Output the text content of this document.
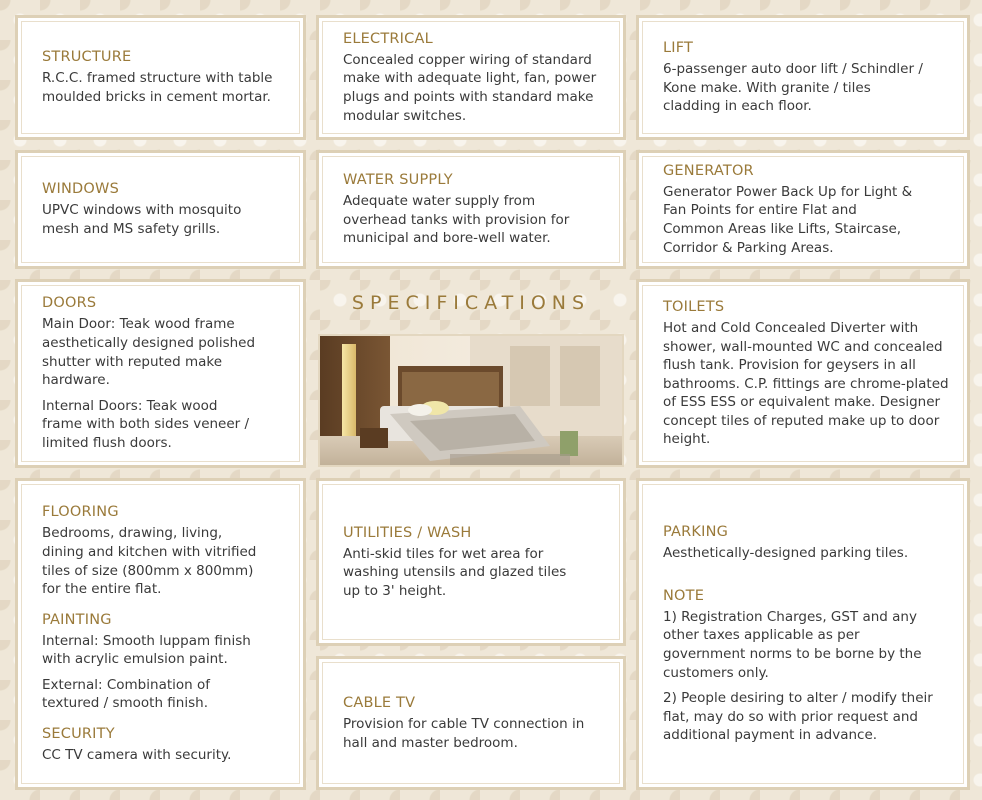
STRUCTURE
R.C.C. framed structure with table moulded bricks in cement mortar.
ELECTRICAL
Concealed copper wiring of standard make with adequate light, fan, power plugs and points with standard make modular switches.
LIFT
6-passenger auto door lift / Schindler / Kone make. With granite / tiles cladding in each floor.
WINDOWS
UPVC windows with mosquito mesh and MS safety grills.
WATER SUPPLY
Adequate water supply from overhead tanks with provision for municipal and bore-well water.
GENERATOR
Generator Power Back Up for Light & Fan Points for entire Flat and Common Areas like Lifts, Staircase, Corridor & Parking Areas.
DOORS
Main Door: Teak wood frame aesthetically designed polished shutter with reputed make hardware.
Internal Doors: Teak wood frame with both sides veneer / limited flush doors.
SPECIFICATIONS	TOILETS
Hot and Cold Concealed Diverter with shower, wall-mounted WC and concealed flush tank. Provision for geysers in all bathrooms. C.P. fittings are chrome-plated of ESS ESS or equivalent make. Designer concept tiles of reputed make up to door height.
FLOORING
Bedrooms, drawing, living, dining and kitchen with vitrified tiles of size (800mm x 800mm) for the entire flat.
PAINTING
Internal: Smooth luppam finish with acrylic emulsion paint.
External: Combination of textured / smooth finish.
SECURITY
CC TV camera with security.
UTILITIES / WASH
Anti-skid tiles for wet area for washing utensils and glazed tiles up to 3' height.
CABLE TV
Provision for cable TV connection in hall and master bedroom.
PARKING
Aesthetically-designed parking tiles.
NOTE
1) Registration Charges, GST and any other taxes applicable as per government norms to be borne by the customers only.
2) People desiring to alter / modify their flat, may do so with prior request and additional payment in advance.
